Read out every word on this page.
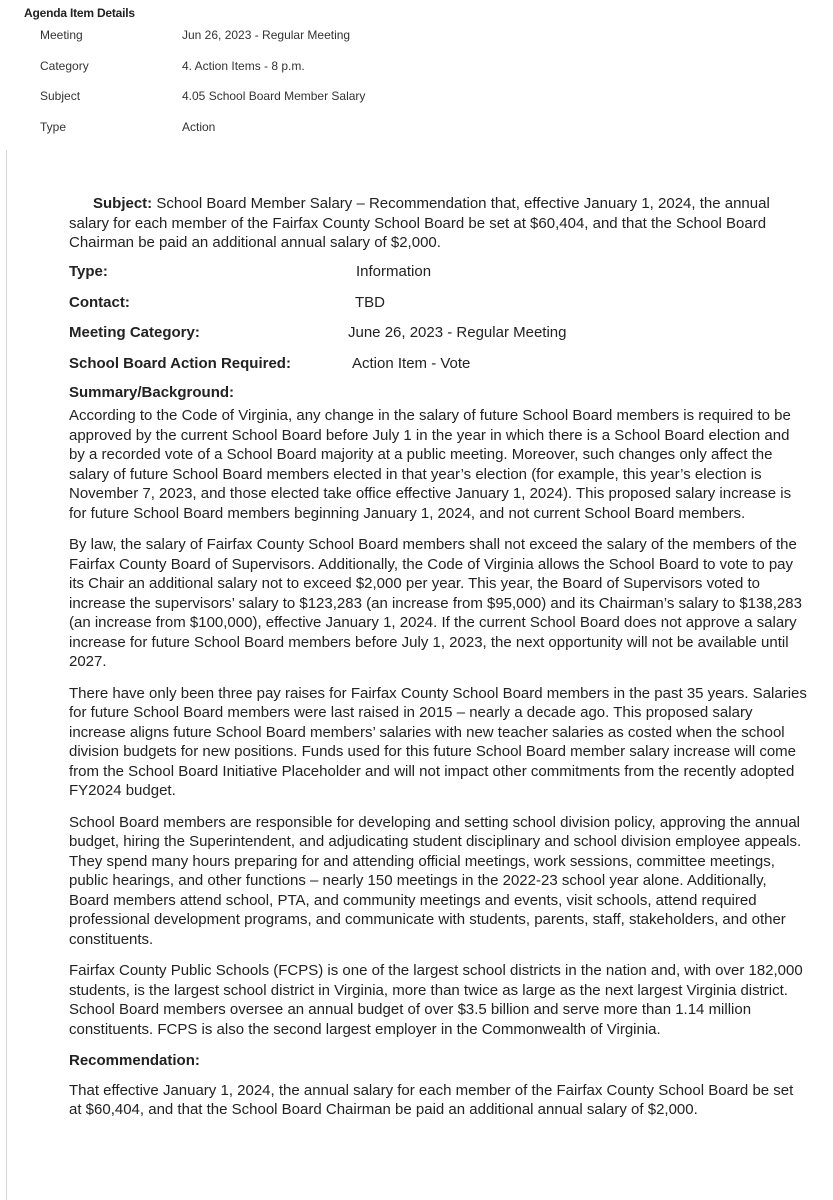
Agenda Item Details
Meeting	Jun 26, 2023 - Regular Meeting
Category	4. Action Items - 8 p.m.
Subject	4.05 School Board Member Salary
Type	Action

Subject: School Board Member Salary – Recommendation that, effective January 1, 2024, the annual salary for each member of the Fairfax County School Board be set at $60,404, and that the School Board Chairman be paid an additional annual salary of $2,000.

Type:	Information
Contact:	TBD
Meeting Category:	June 26, 2023 - Regular Meeting
School Board Action Required:	Action Item - Vote
Summary/Background:

According to the Code of Virginia, any change in the salary of future School Board members is required to be approved by the current School Board before July 1 in the year in which there is a School Board election and by a recorded vote of a School Board majority at a public meeting. Moreover, such changes only affect the salary of future School Board members elected in that year’s election (for example, this year’s election is November 7, 2023, and those elected take office effective January 1, 2024). This proposed salary increase is for future School Board members beginning January 1, 2024, and not current School Board members.

By law, the salary of Fairfax County School Board members shall not exceed the salary of the members of the Fairfax County Board of Supervisors. Additionally, the Code of Virginia allows the School Board to vote to pay its Chair an additional salary not to exceed $2,000 per year. This year, the Board of Supervisors voted to increase the supervisors’ salary to $123,283 (an increase from $95,000) and its Chairman’s salary to $138,283 (an increase from $100,000), effective January 1, 2024. If the current School Board does not approve a salary increase for future School Board members before July 1, 2023, the next opportunity will not be available until 2027.

There have only been three pay raises for Fairfax County School Board members in the past 35 years. Salaries for future School Board members were last raised in 2015 – nearly a decade ago. This proposed salary increase aligns future School Board members’ salaries with new teacher salaries as costed when the school division budgets for new positions. Funds used for this future School Board member salary increase will come from the School Board Initiative Placeholder and will not impact other commitments from the recently adopted FY2024 budget.

School Board members are responsible for developing and setting school division policy, approving the annual budget, hiring the Superintendent, and adjudicating student disciplinary and school division employee appeals. They spend many hours preparing for and attending official meetings, work sessions, committee meetings, public hearings, and other functions – nearly 150 meetings in the 2022-23 school year alone. Additionally, Board members attend school, PTA, and community meetings and events, visit schools, attend required professional development programs, and communicate with students, parents, staff, stakeholders, and other constituents.

Fairfax County Public Schools (FCPS) is one of the largest school districts in the nation and, with over 182,000 students, is the largest school district in Virginia, more than twice as large as the next largest Virginia district. School Board members oversee an annual budget of over $3.5 billion and serve more than 1.14 million constituents. FCPS is also the second largest employer in the Commonwealth of Virginia.

Recommendation:

That effective January 1, 2024, the annual salary for each member of the Fairfax County School Board be set at $60,404, and that the School Board Chairman be paid an additional annual salary of $2,000.
